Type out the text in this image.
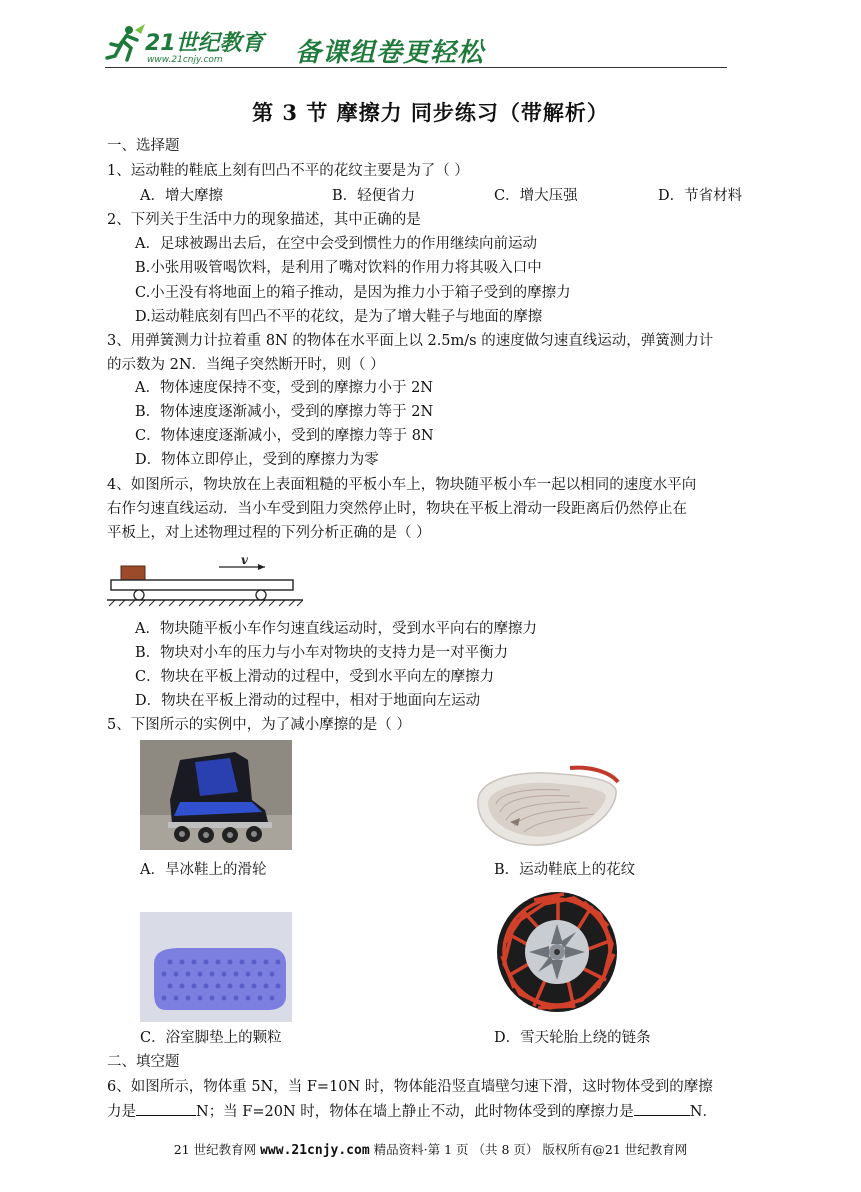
21世纪教育
www.21cnjy.com	备课组卷更轻松
第 3 节 摩擦力 同步练习（带解析）
一、选择题
1、运动鞋的鞋底上刻有凹凸不平的花纹主要是为了（ ）
A．增大摩擦	B．轻便省力	C．增大压强	D．节省材料
2、下列关于生活中力的现象描述，其中正确的是
A．足球被踢出去后，在空中会受到惯性力的作用继续向前运动
B.小张用吸管喝饮料，是利用了嘴对饮料的作用力将其吸入口中
C.小王没有将地面上的箱子推动，是因为推力小于箱子受到的摩擦力
D.运动鞋底刻有凹凸不平的花纹，是为了增大鞋子与地面的摩擦
3、用弹簧测力计拉着重 8N 的物体在水平面上以 2.5m/s 的速度做匀速直线运动，弹簧测力计
的示数为 2N．当绳子突然断开时，则（ ）
A．物体速度保持不变，受到的摩擦力小于 2N
B．物体速度逐渐减小，受到的摩擦力等于 2N
C．物体速度逐渐减小，受到的摩擦力等于 8N
D．物体立即停止，受到的摩擦力为零
4、如图所示，物块放在上表面粗糙的平板小车上，物块随平板小车一起以相同的速度水平向
右作匀速直线运动．当小车受到阻力突然停止时，物块在平板上滑动一段距离后仍然停止在
平板上，对上述物理过程的下列分析正确的是（ ）
v
A．物块随平板小车作匀速直线运动时，受到水平向右的摩擦力
B．物块对小车的压力与小车对物块的支持力是一对平衡力
C．物块在平板上滑动的过程中，受到水平向左的摩擦力
D．物块在平板上滑动的过程中，相对于地面向左运动
5、下图所示的实例中，为了减小摩擦的是（ ）
A．旱冰鞋上的滑轮	B．运动鞋底上的花纹
C．浴室脚垫上的颗粒	D．雪天轮胎上绕的链条
二、填空题
6、如图所示，物体重 5N，当 F=10N 时，物体能沿竖直墙壁匀速下滑，这时物体受到的摩擦
力是	N；当 F=20N 时，物体在墙上静止不动，此时物体受到的摩擦力是	N．
21 世纪教育网 www.21cnjy.com 精品资料·第 1 页 （共 8 页） 版权所有@21 世纪教育网
